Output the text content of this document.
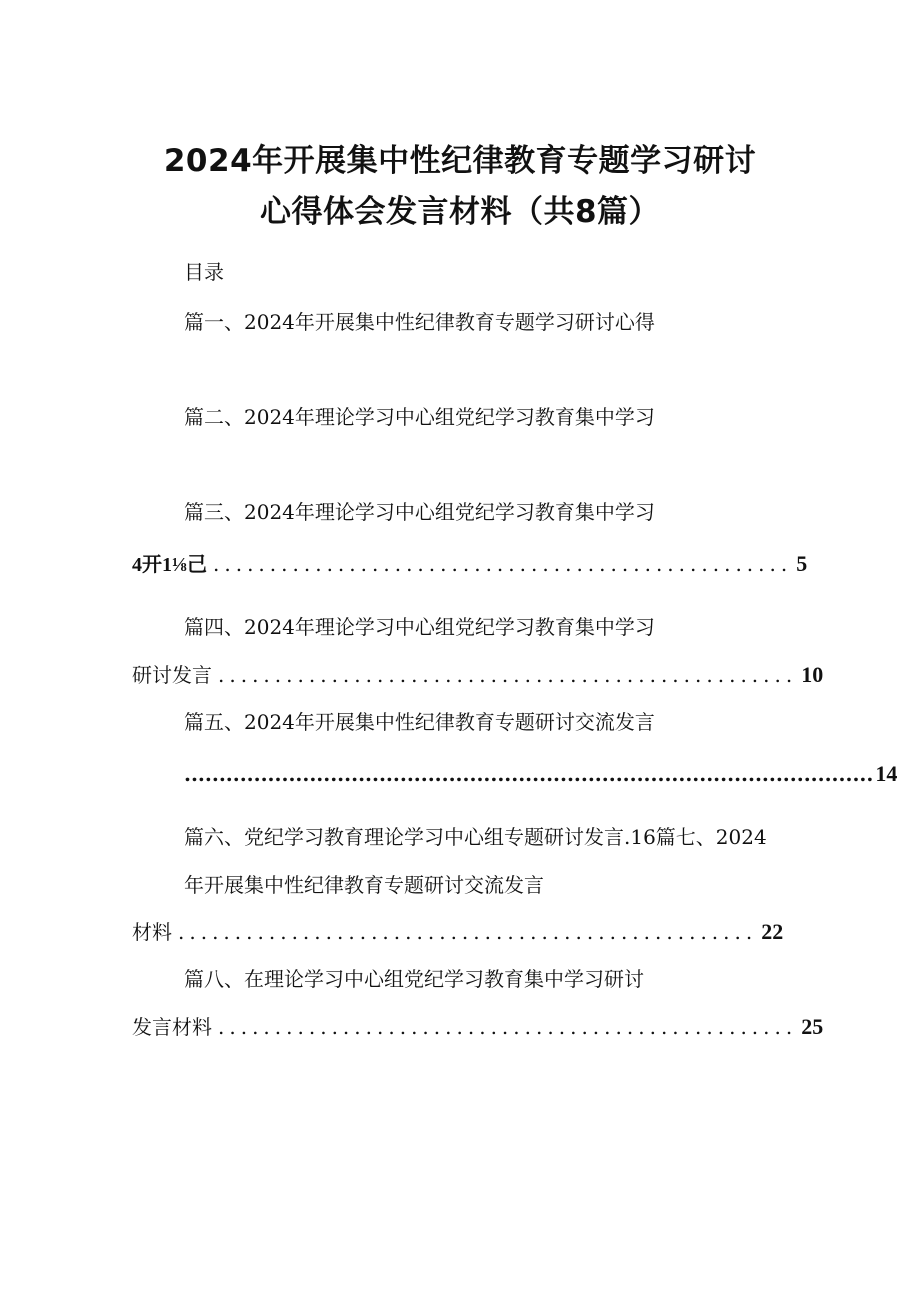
2024年开展集中性纪律教育专题学习研讨
心得体会发言材料（共8篇）
目录
篇一、2024年开展集中性纪律教育专题学习研讨心得
篇二、2024年理论学习中心组党纪学习教育集中学习
篇三、2024年理论学习中心组党纪学习教育集中学习
4开1⅛己 ................................................... 5
篇四、2024年理论学习中心组党纪学习教育集中学习
研讨发言 ................................................... 10
篇五、2024年开展集中性纪律教育专题研讨交流发言
................................................................................................... 14
篇六、党纪学习教育理论学习中心组专题研讨发言.16篇七、2024
年开展集中性纪律教育专题研讨交流发言
材料 ................................................... 22
篇八、在理论学习中心组党纪学习教育集中学习研讨
发言材料 ................................................... 25
